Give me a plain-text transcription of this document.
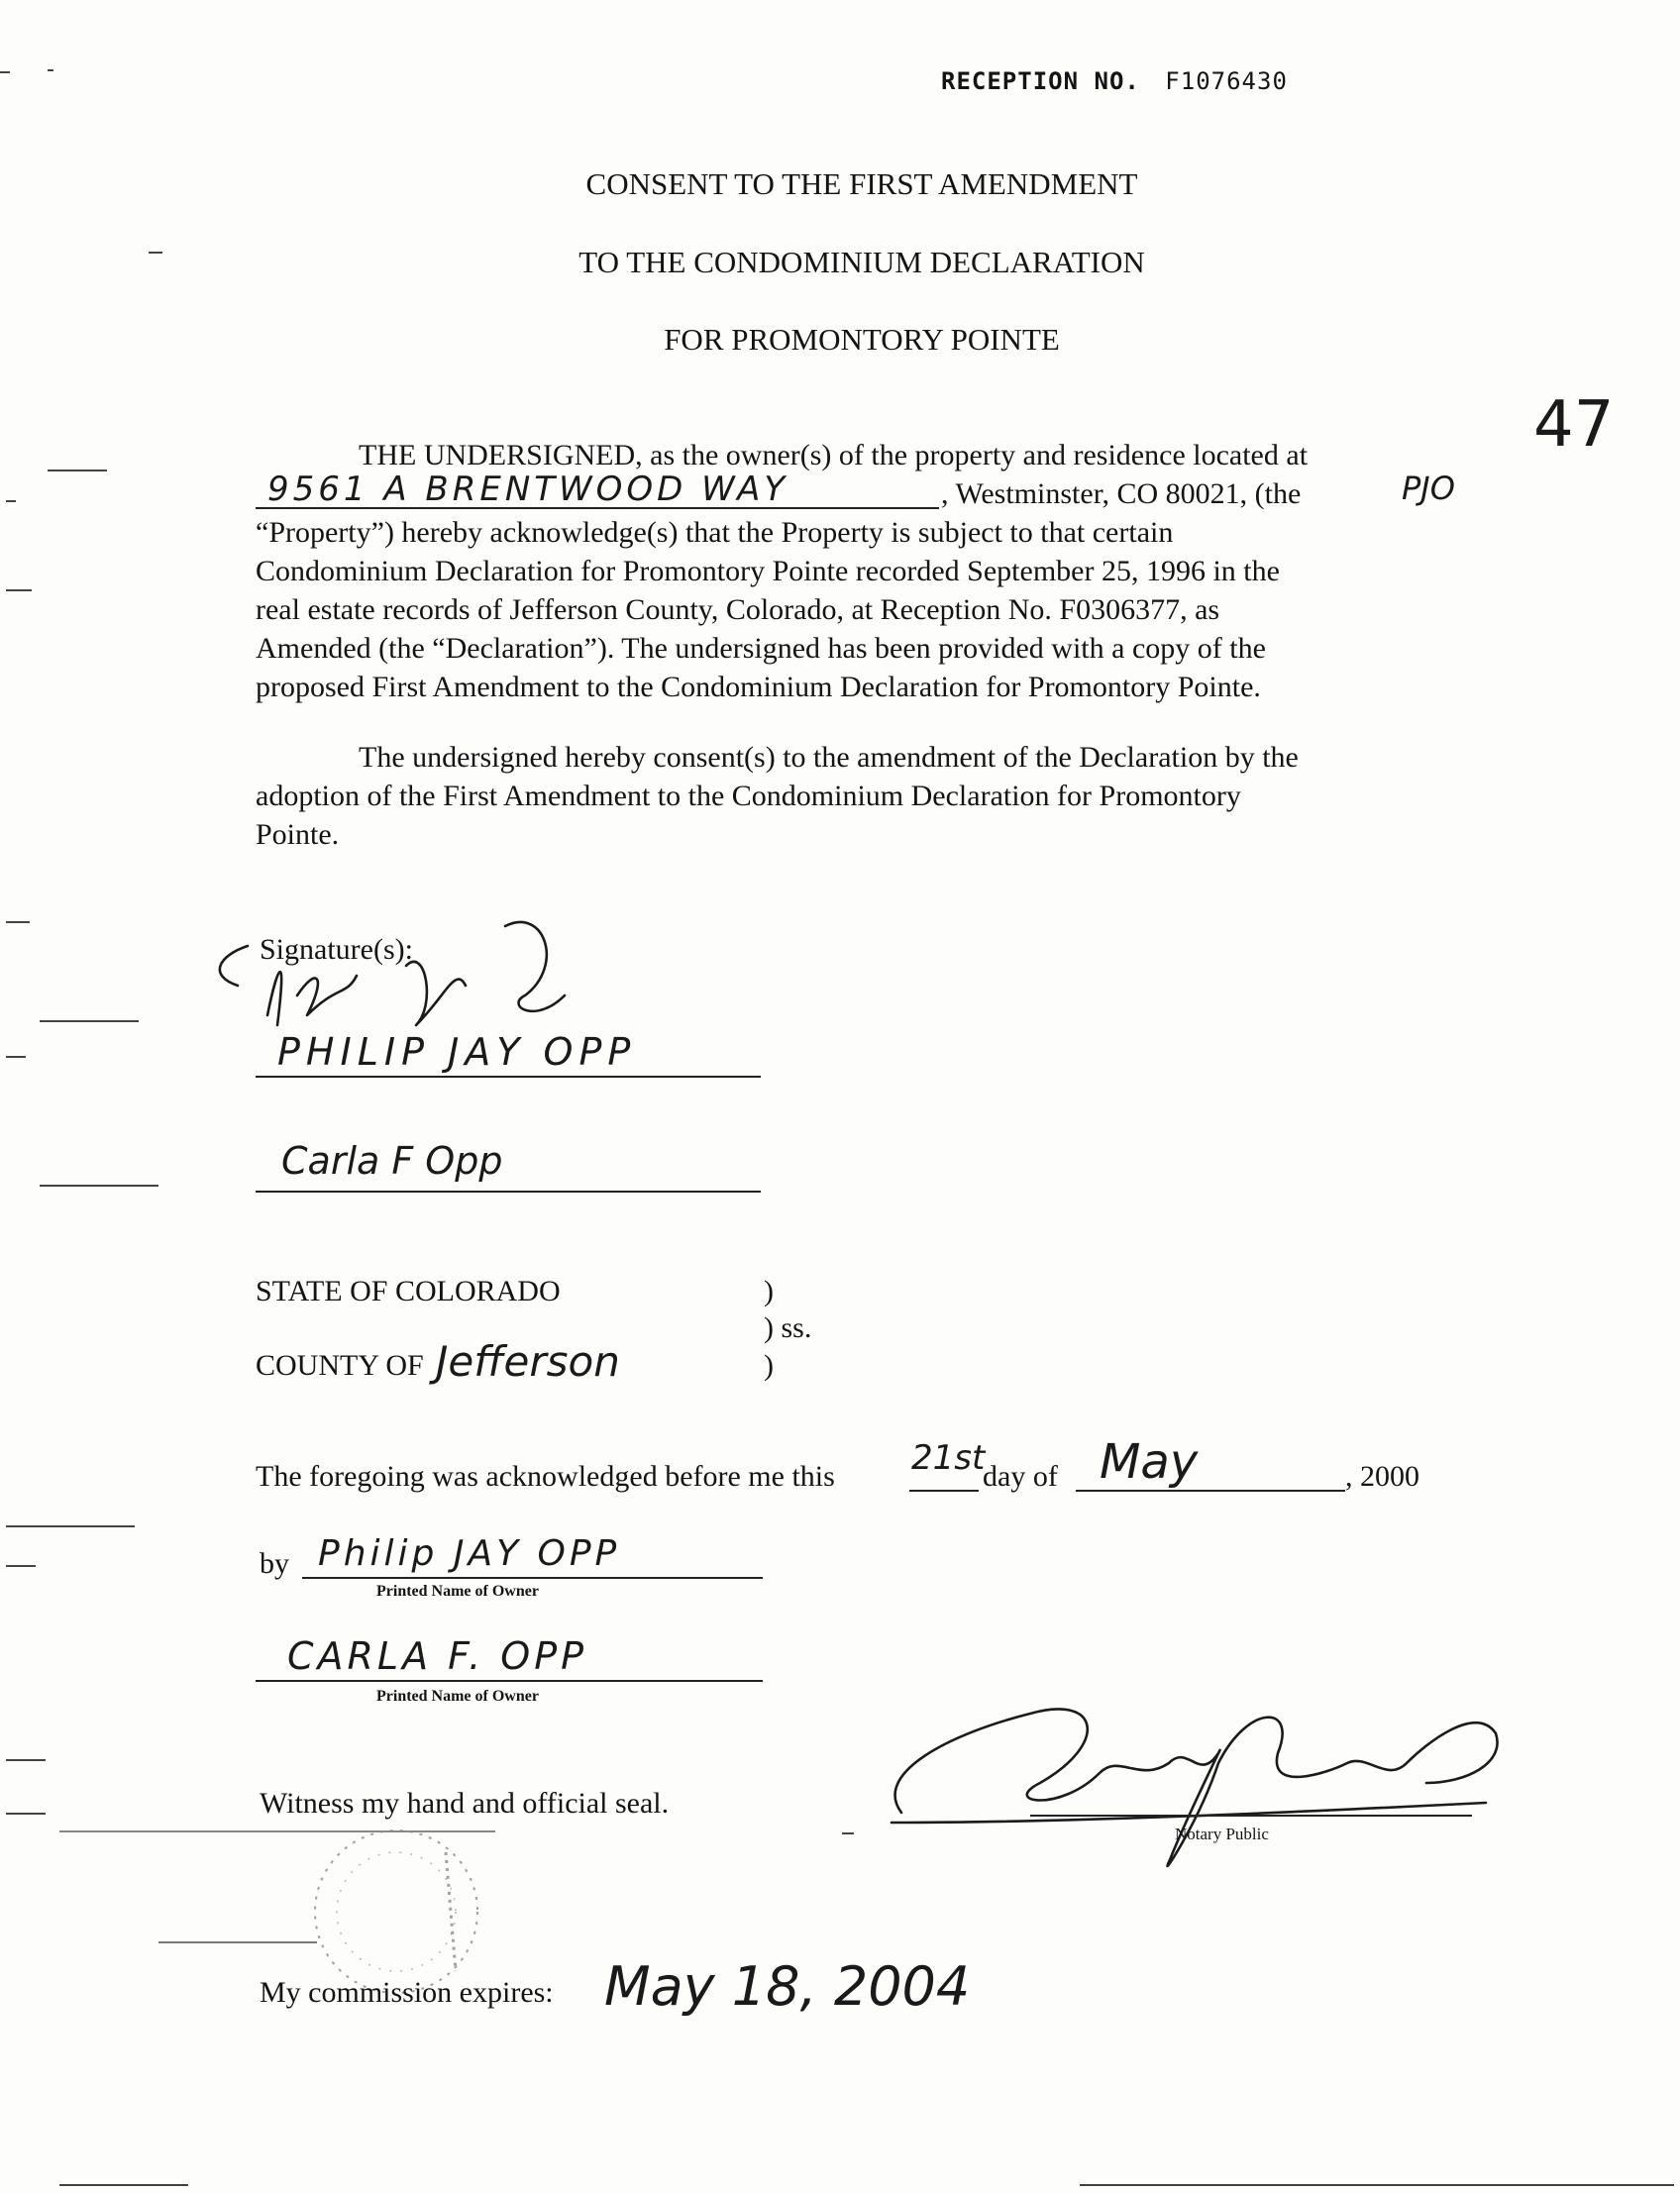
RECEPTION NO. F1076430
47
CONSENT TO THE FIRST AMENDMENT
TO THE CONDOMINIUM DECLARATION
FOR PROMONTORY POINTE
THE UNDERSIGNED, as the owner(s) of the property and residence located at
9561 A BRENTWOOD WAY	, Westminster, CO 80021, (the	PJO
“Property”) hereby acknowledge(s) that the Property is subject to that certain
Condominium Declaration for Promontory Pointe recorded September 25, 1996 in the
real estate records of Jefferson County, Colorado, at Reception No. F0306377, as
Amended (the “Declaration”). The undersigned has been provided with a copy of the
proposed First Amendment to the Condominium Declaration for Promontory Pointe.
The undersigned hereby consent(s) to the amendment of the Declaration by the
adoption of the First Amendment to the Condominium Declaration for Promontory
Pointe.
Signature(s):
PHILIP JAY OPP
Carla F Opp
STATE OF COLORADO	)
) ss.
COUNTY OF Jefferson	)
The foregoing was acknowledged before me this 21st
day of May	, 2000
by Philip JAY OPP
Printed Name of Owner
CARLA F. OPP
Printed Name of Owner
Witness my hand and official seal.
Notary Public
My commission expires: May 18, 2004
